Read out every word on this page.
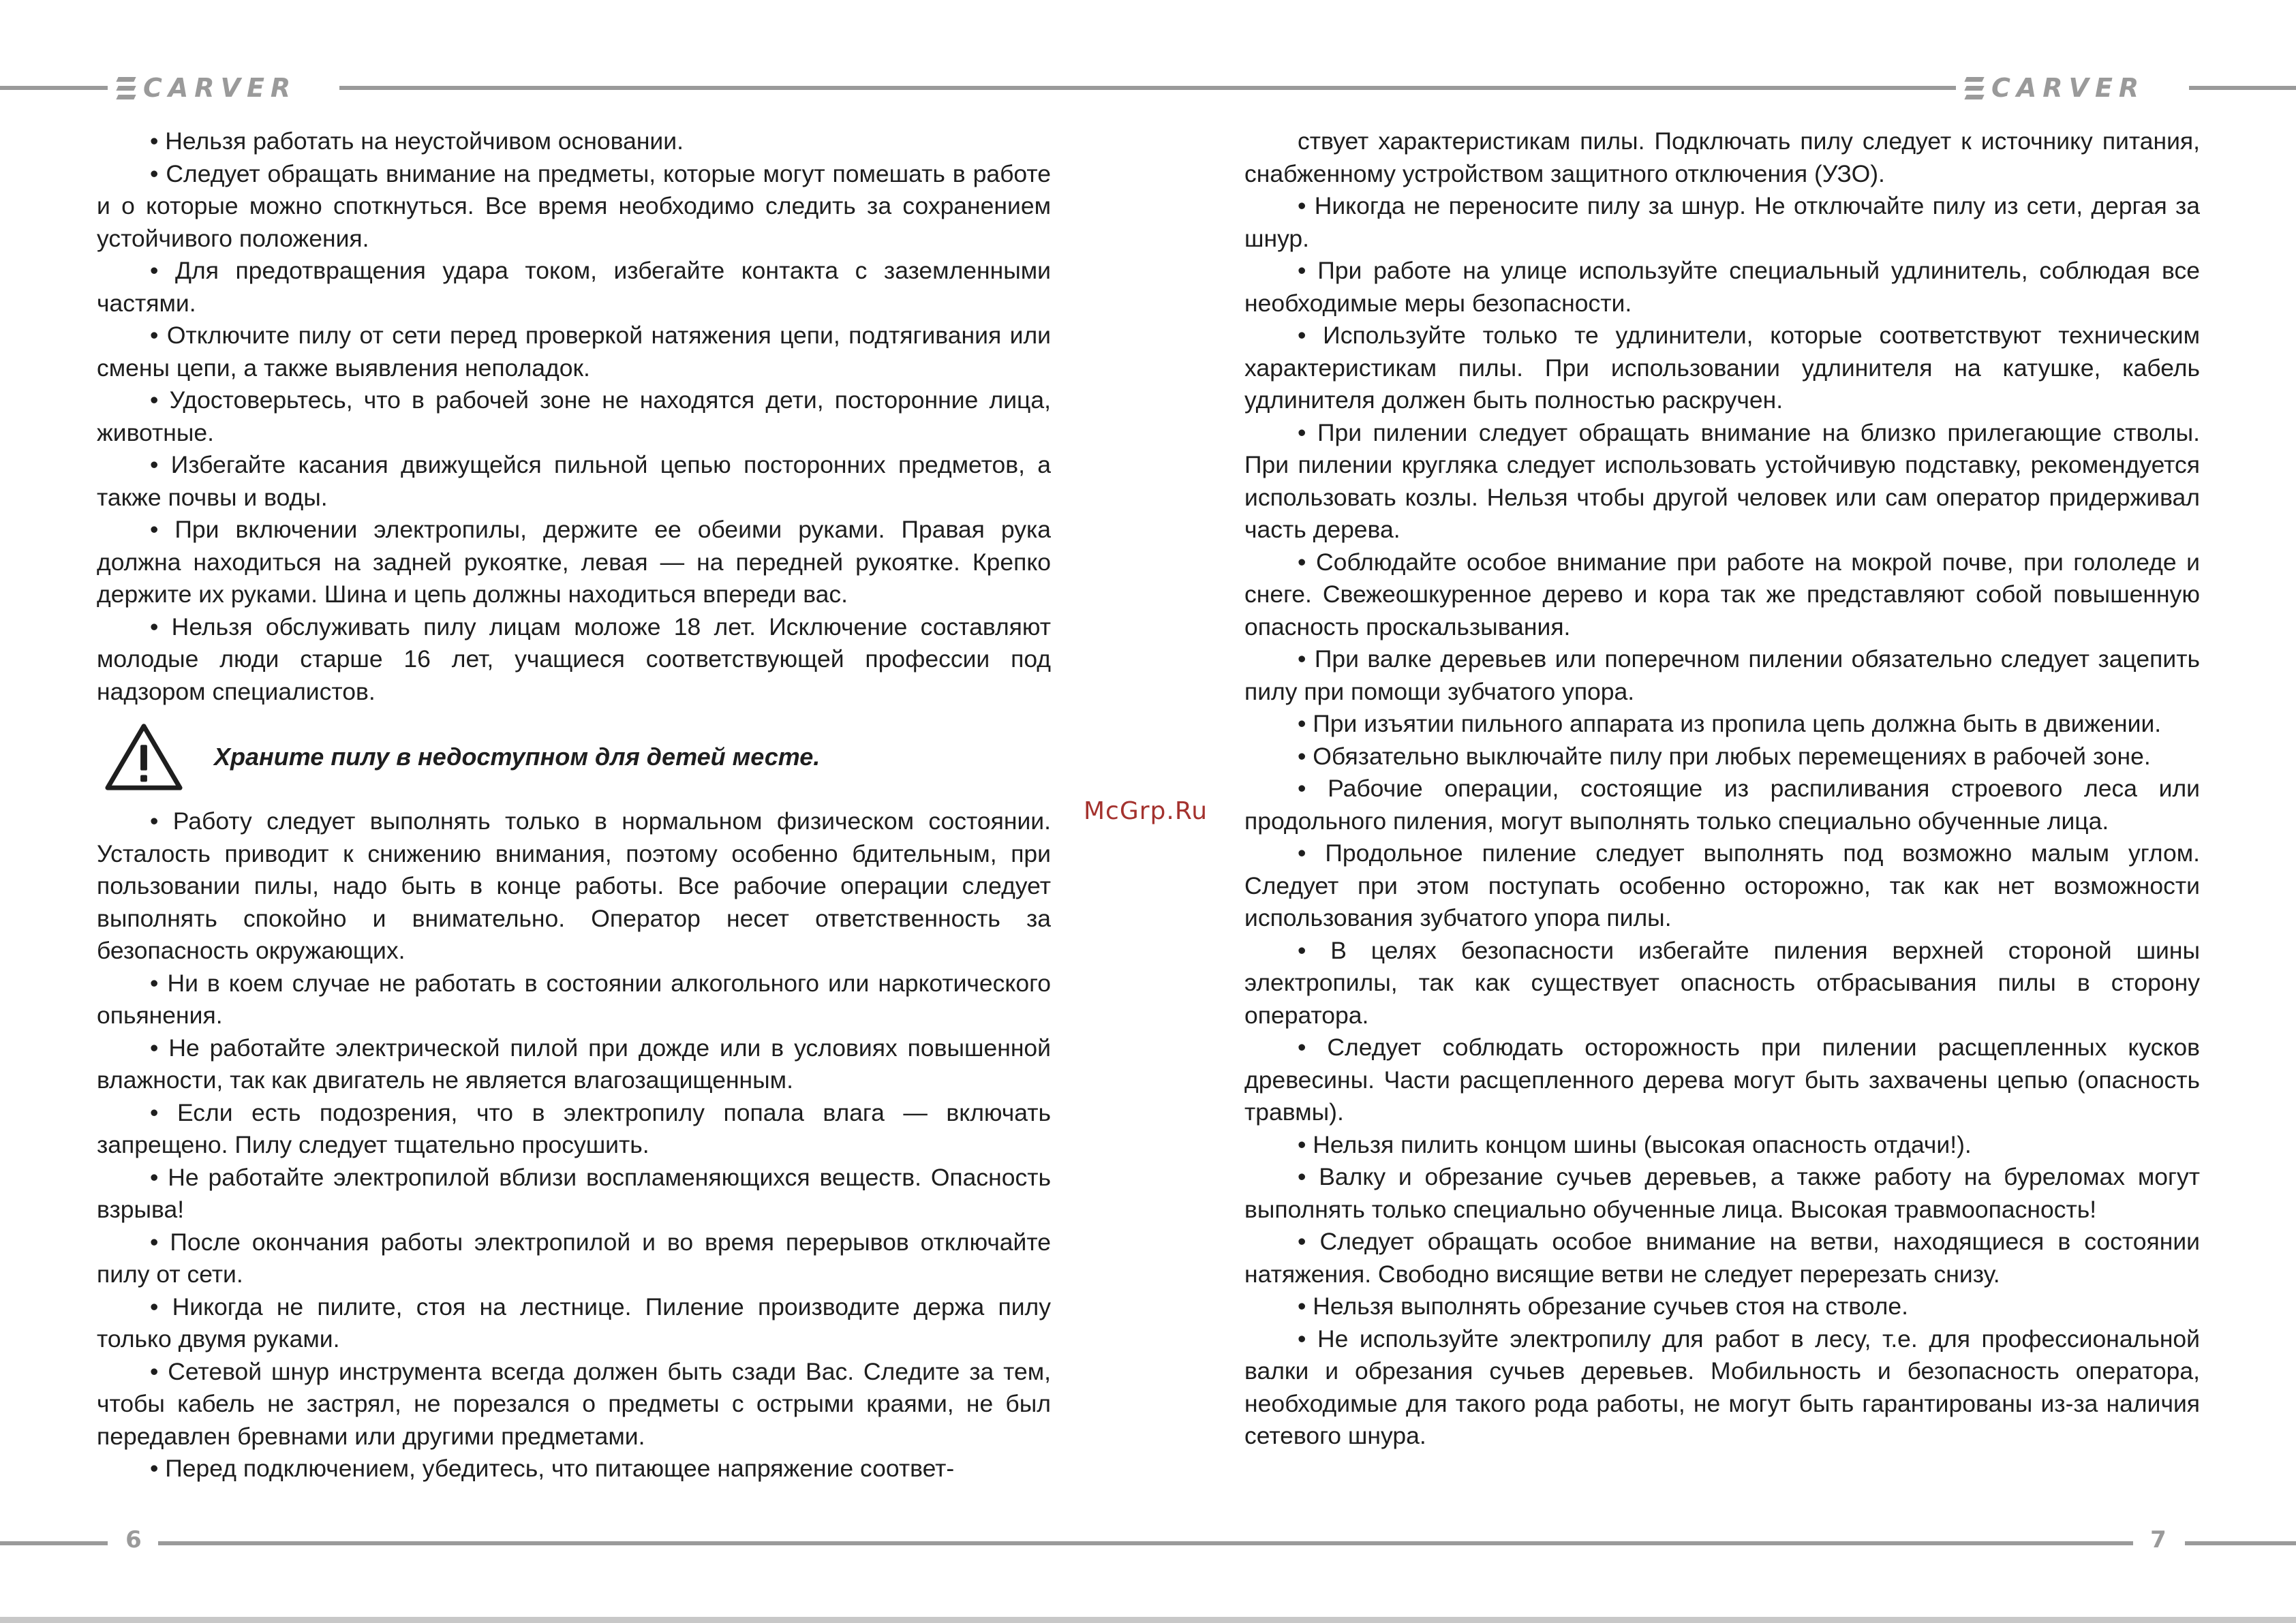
CARVER	CARVER

• Нельзя работать на неустойчивом основании.

• Следует обращать внимание на предметы, которые могут помешать в работе и о которые можно споткнуться. Все время необходимо следить за сохранением устойчивого положения.

• Для предотвращения удара током, избегайте контакта с заземленными частями.

• Отключите пилу от сети перед проверкой натяжения цепи, подтягивания или смены цепи, а также выявления неполадок.

• Удостоверьтесь, что в рабочей зоне не находятся дети, посторонние лица, животные.

• Избегайте касания движущейся пильной цепью посторонних предметов, а также почвы и воды.

• При включении электропилы, держите ее обеими руками. Правая рука должна находиться на задней рукоятке, левая — на передней рукоятке. Крепко держите их руками. Шина и цепь должны находиться впереди вас.

• Нельзя обслуживать пилу лицам моложе 18 лет. Исключение составляют молодые люди старше 16 лет, учащиеся соответствующей профессии под надзором специалистов.

Храните пилу в недоступном для детей месте.

• Работу следует выполнять только в нормальном физическом состоянии. Усталость приводит к снижению внимания, поэтому особенно бдительным, при пользовании пилы, надо быть в конце работы. Все рабочие операции следует выполнять спокойно и внимательно. Оператор несет ответственность за безопасность окружающих.

• Ни в коем случае не работать в состоянии алкогольного или наркотического опьянения.

• Не работайте электрической пилой при дожде или в условиях повышенной влажности, так как двигатель не является влагозащищенным.

• Если есть подозрения, что в электропилу попала влага — включать запрещено. Пилу следует тщательно просушить.

• Не работайте электропилой вблизи воспламеняющихся веществ. Опасность взрыва!

• После окончания работы электропилой и во время перерывов отключайте пилу от сети.

• Никогда не пилите, стоя на лестнице. Пиление производите держа пилу только двумя руками.

• Сетевой шнур инструмента всегда должен быть сзади Вас. Следите за тем, чтобы кабель не застрял, не порезался о предметы с острыми краями, не был передавлен бревнами или другими предметами.

• Перед подключением, убедитесь, что питающее напряжение соответ-

McGrp.Ru

ствует характеристикам пилы. Подключать пилу следует к источнику питания, снабженному устройством защитного отключения (УЗО).

• Никогда не переносите пилу за шнур. Не отключайте пилу из сети, дергая за шнур.

• При работе на улице используйте специальный удлинитель, соблюдая все необходимые меры безопасности.

• Используйте только те удлинители, которые соответствуют техническим характеристикам пилы. При использовании удлинителя на катушке, кабель удлинителя должен быть полностью раскручен.

• При пилении следует обращать внимание на близко прилегающие стволы. При пилении кругляка следует использовать устойчивую подставку, рекомендуется использовать козлы. Нельзя чтобы другой человек или сам оператор придерживал часть дерева.

• Соблюдайте особое внимание при работе на мокрой почве, при гололеде и снеге. Свежеошкуренное дерево и кора так же представляют собой повышенную опасность проскальзывания.

• При валке деревьев или поперечном пилении обязательно следует зацепить пилу при помощи зубчатого упора.

• При изъятии пильного аппарата из пропила цепь должна быть в движении.

• Обязательно выключайте пилу при любых перемещениях в рабочей зоне.

• Рабочие операции, состоящие из распиливания строевого леса или продольного пиления, могут выполнять только специально обученные лица.

• Продольное пиление следует выполнять под возможно малым углом. Следует при этом поступать особенно осторожно, так как нет возможности использования зубчатого упора пилы.

• В целях безопасности избегайте пиления верхней стороной шины электропилы, так как существует опасность отбрасывания пилы в сторону оператора.

• Следует соблюдать осторожность при пилении расщепленных кусков древесины. Части расщепленного дерева могут быть захвачены цепью (опасность травмы).

• Нельзя пилить концом шины (высокая опасность отдачи!).

• Валку и обрезание сучьев деревьев, а также работу на буреломах могут выполнять только специально обученные лица. Высокая травмоопасность!

• Следует обращать особое внимание на ветви, находящиеся в состоянии натяжения. Свободно висящие ветви не следует перерезать снизу.

• Нельзя выполнять обрезание сучьев стоя на стволе.

• Не используйте электропилу для работ в лесу, т.е. для профессиональной валки и обрезания сучьев деревьев. Мобильность и безопасность оператора, необходимые для такого рода работы, не могут быть гарантированы из-за наличия сетевого шнура.

6	7
